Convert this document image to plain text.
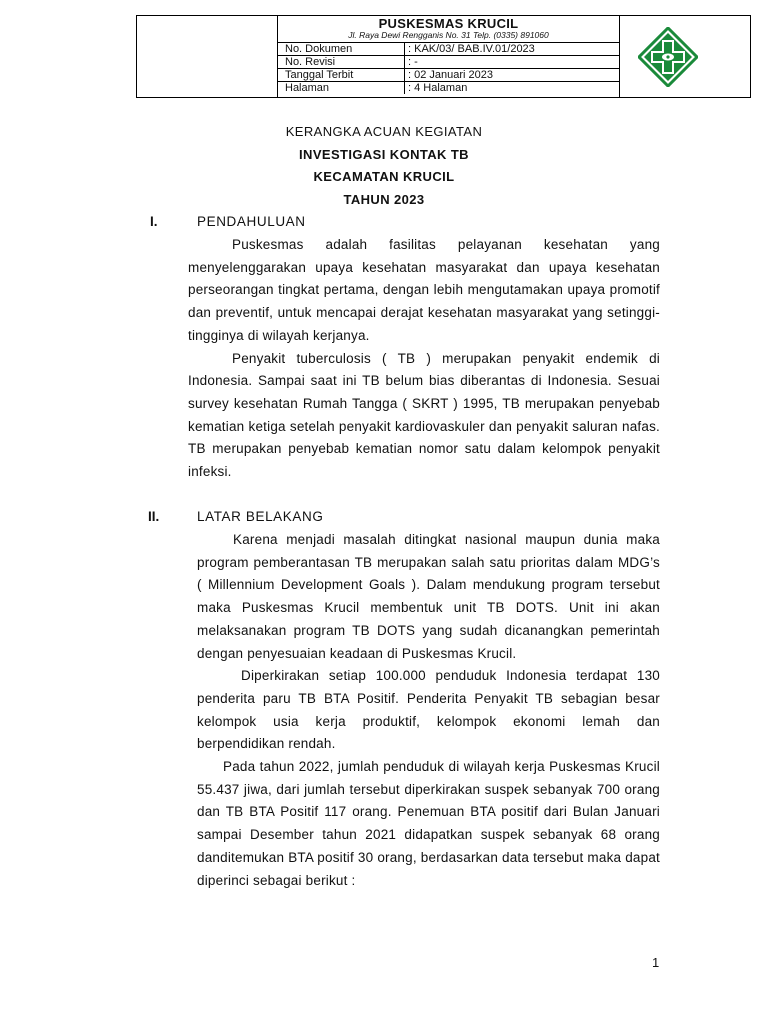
PUSKESMAS KRUCIL
Jl. Raya Dewi Rengganis No. 31 Telp. (0335) 891060
No. Dokumen	: KAK/03/ BAB.IV.01/2023
No. Revisi	: -
Tanggal Terbit	: 02 Januari 2023
Halaman	: 4 Halaman
KERANGKA ACUAN KEGIATAN
INVESTIGASI KONTAK TB
KECAMATAN KRUCIL
TAHUN 2023
I.	PENDAHULUAN

Puskesmas adalah fasilitas pelayanan kesehatan yang menyelenggarakan upaya kesehatan masyarakat dan upaya kesehatan perseorangan tingkat pertama, dengan lebih mengutamakan upaya promotif dan preventif, untuk mencapai derajat kesehatan masyarakat yang setinggi-tingginya di wilayah kerjanya.

Penyakit tuberculosis ( TB ) merupakan penyakit endemik di Indonesia. Sampai saat ini TB belum bias diberantas di Indonesia. Sesuai survey kesehatan Rumah Tangga ( SKRT ) 1995, TB merupakan penyebab kematian ketiga setelah penyakit kardiovaskuler dan penyakit saluran nafas. TB merupakan penyebab kematian nomor satu dalam kelompok penyakit infeksi.

II.	LATAR BELAKANG

Karena menjadi masalah ditingkat nasional maupun dunia maka program pemberantasan TB merupakan salah satu prioritas dalam MDG’s ( Millennium Development Goals ). Dalam mendukung program tersebut maka Puskesmas Krucil membentuk unit TB DOTS. Unit ini akan melaksanakan program TB DOTS yang sudah dicanangkan pemerintah dengan penyesuaian keadaan di Puskesmas Krucil.

Diperkirakan setiap 100.000 penduduk Indonesia terdapat 130 penderita paru TB BTA Positif. Penderita Penyakit TB sebagian besar kelompok usia kerja produktif, kelompok ekonomi lemah dan berpendidikan rendah.

Pada tahun 2022, jumlah penduduk di wilayah kerja Puskesmas Krucil 55.437 jiwa, dari jumlah tersebut diperkirakan suspek sebanyak 700 orang dan TB BTA Positif 117 orang. Penemuan BTA positif dari Bulan Januari sampai Desember tahun 2021 didapatkan suspek sebanyak 68 orang danditemukan BTA positif 30 orang, berdasarkan data tersebut maka dapat diperinci sebagai berikut :

1
